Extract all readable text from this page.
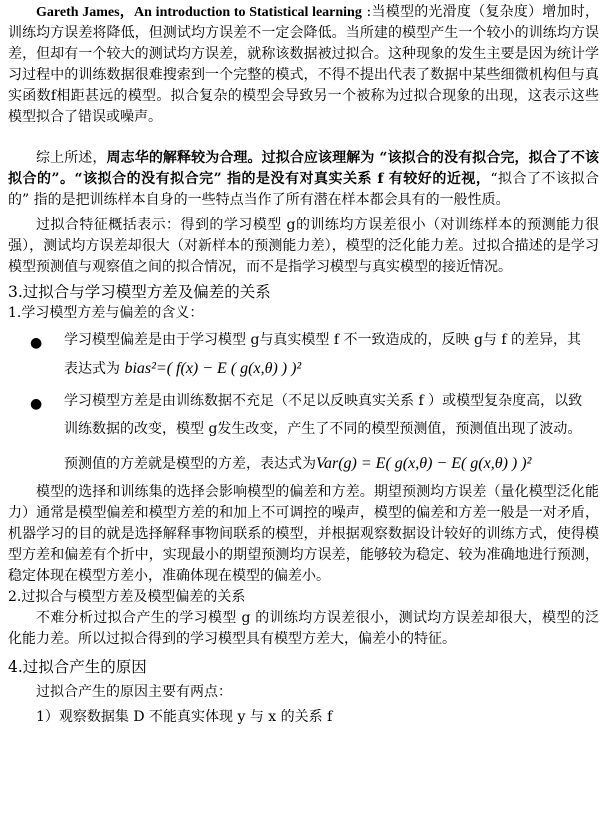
Gareth James，An introduction to Statistical learning :当模型的光滑度（复杂度）增加时，训练均方误差将降低，但测试均方误差不一定会降低。当所建的模型产生一个较小的训练均方误差，但却有一个较大的测试均方误差，就称该数据被过拟合。这种现象的发生主要是因为统计学习过程中的训练数据很难搜索到一个完整的模式，不得不提出代表了数据中某些细微机构但与真实函数f相距甚远的模型。拟合复杂的模型会导致另一个被称为过拟合现象的出现，这表示这些模型拟合了错误或噪声。

综上所述，周志华的解释较为合理。过拟合应该理解为 “该拟合的没有拟合完，拟合了不该拟合的”。“该拟合的没有拟合完” 指的是没有对真实关系 f 有较好的近视，“拟合了不该拟合的” 指的是把训练样本自身的一些特点当作了所有潜在样本都会具有的一般性质。

过拟合特征概括表示：得到的学习模型 g的训练均方误差很小（对训练样本的预测能力很强），测试均方误差却很大（对新样本的预测能力差），模型的泛化能力差。过拟合描述的是学习模型预测值与观察值之间的拟合情况，而不是指学习模型与真实模型的接近情况。

3.过拟合与学习模型方差及偏差的关系

1.学习模型方差与偏差的含义：

● 学习模型偏差是由于学习模型 g与真实模型 f 不一致造成的，反映 g与 f 的差异，其
表达式为 bias²=( f(x) − E ( g(x,θ) ) )²
● 学习模型方差是由训练数据不充足（不足以反映真实关系 f ）或模型复杂度高，以致

训练数据的改变，模型 g发生改变，产生了不同的模型预测值，预测值出现了波动。

预测值的方差就是模型的方差，表达式为Var(g) = E( g(x,θ) − E( g(x,θ) ) )²

模型的选择和训练集的选择会影响模型的偏差和方差。期望预测均方误差（量化模型泛化能力）通常是模型偏差和模型方差的和加上不可调控的噪声，模型的偏差和方差一般是一对矛盾，机器学习的目的就是选择解释事物间联系的模型，并根据观察数据设计较好的训练方式，使得模型方差和偏差有个折中，实现最小的期望预测均方误差，能够较为稳定、较为准确地进行预测，稳定体现在模型方差小，准确体现在模型的偏差小。

2.过拟合与模型方差及模型偏差的关系

不难分析过拟合产生的学习模型 g 的训练均方误差很小，测试均方误差却很大，模型的泛化能力差。所以过拟合得到的学习模型具有模型方差大，偏差小的特征。

4.过拟合产生的原因

过拟合产生的原因主要有两点：

1）观察数据集 D 不能真实体现 y 与 x 的关系 f
